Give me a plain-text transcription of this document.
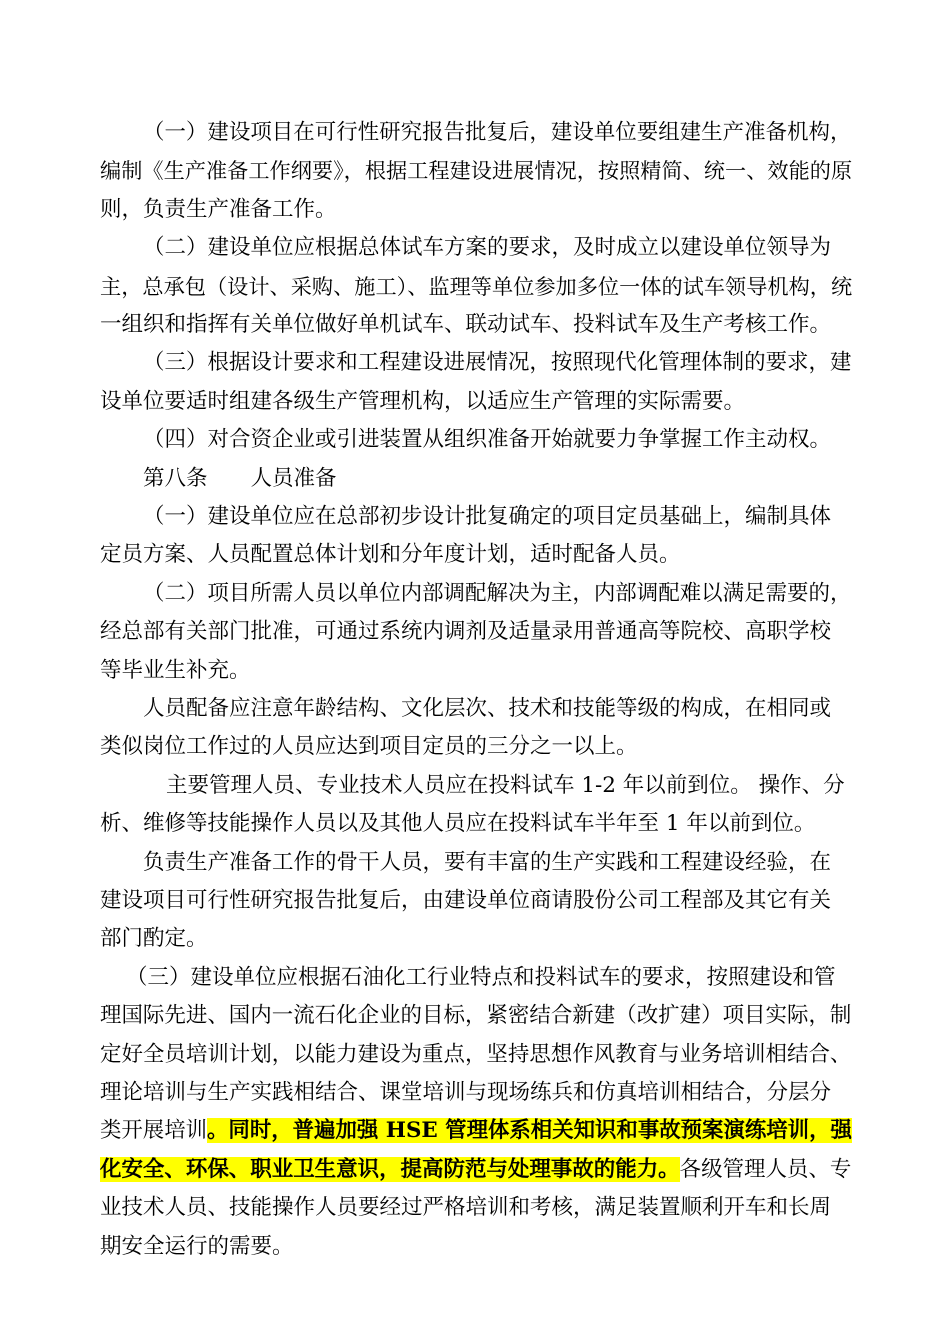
（一）建设项目在可行性研究报告批复后，建设单位要组建生产准备机构，
编制《生产准备工作纲要》，根据工程建设进展情况，按照精简、统一、效能的原
则，负责生产准备工作。
（二）建设单位应根据总体试车方案的要求，及时成立以建设单位领导为
主，总承包（设计、采购、施工）、监理等单位参加多位一体的试车领导机构，统
一组织和指挥有关单位做好单机试车、联动试车、投料试车及生产考核工作。
（三）根据设计要求和工程建设进展情况，按照现代化管理体制的要求，建
设单位要适时组建各级生产管理机构，以适应生产管理的实际需要。
（四）对合资企业或引进装置从组织准备开始就要力争掌握工作主动权。
第八条　　人员准备
（一）建设单位应在总部初步设计批复确定的项目定员基础上，编制具体
定员方案、人员配置总体计划和分年度计划，适时配备人员。
（二）项目所需人员以单位内部调配解决为主，内部调配难以满足需要的，
经总部有关部门批准，可通过系统内调剂及适量录用普通高等院校、高职学校
等毕业生补充。
人员配备应注意年龄结构、文化层次、技术和技能等级的构成，在相同或
类似岗位工作过的人员应达到项目定员的三分之一以上。
主要管理人员、专业技术人员应在投料试车 1-2 年以前到位。 操作、分
析、维修等技能操作人员以及其他人员应在投料试车半年至 1 年以前到位。
负责生产准备工作的骨干人员，要有丰富的生产实践和工程建设经验，在
建设项目可行性研究报告批复后，由建设单位商请股份公司工程部及其它有关
部门酌定。
（三）建设单位应根据石油化工行业特点和投料试车的要求，按照建设和管
理国际先进、国内一流石化企业的目标，紧密结合新建（改扩建）项目实际，制
定好全员培训计划，以能力建设为重点，坚持思想作风教育与业务培训相结合、
理论培训与生产实践相结合、课堂培训与现场练兵和仿真培训相结合，分层分
类开展培训。同时，普遍加强 HSE 管理体系相关知识和事故预案演练培训，强
化安全、环保、职业卫生意识，提高防范与处理事故的能力。各级管理人员、专
业技术人员、技能操作人员要经过严格培训和考核，满足装置顺利开车和长周
期安全运行的需要。
